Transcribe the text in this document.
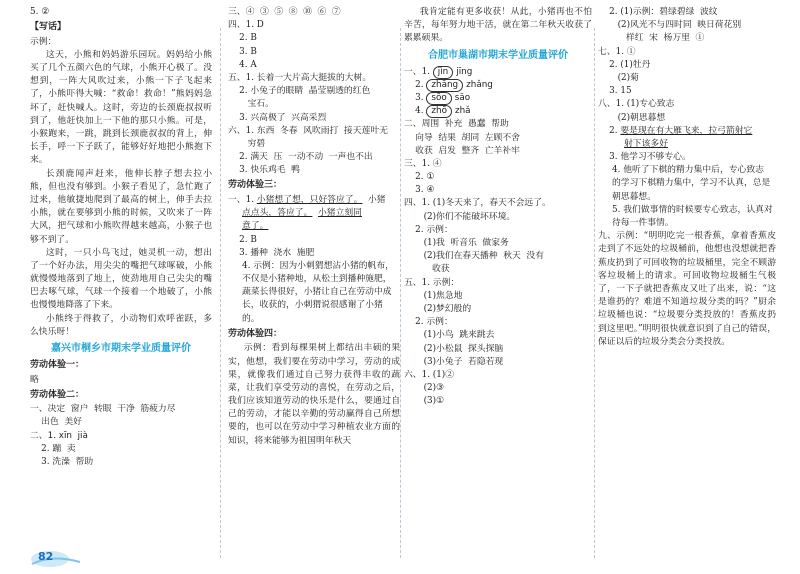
5. ②
【写话】
示例：
这天，小熊和妈妈游乐园玩。妈妈给小熊买了几个五颜六色的气球，小熊开心极了。没想到，一阵大风吹过来，小熊一下子飞起来了，小熊吓得大喊：“救命！救命！”熊妈妈急坏了，赶快喊人。这时，旁边的长颈鹿叔叔听到了，他赶快加上一下他的那只小熊。可是，小猴跑来，一跳，跳到长颈鹿叔叔的背上，伸长手，呼一下子跃了，能够好好地把小熊抱下来。
长颈鹿闻声赶来，他伸长脖子想去拉小熊，但也没有够到。小猴子看见了，急忙跑了过来，他敏捷地爬到了最高的树上，伸手去拉小熊，就在要够到小熊的时候，又吹来了一阵大风，把气球和小熊吹得越来越高，小猴子也够不到了。
这时，一只小鸟飞过，她灵机一动，想出了一个好办法，用尖尖的嘴把气球啄破，小熊就慢慢地落到了地上，使劲地用自己尖尖的嘴巴去啄气球，气球一个接着一个地破了，小熊也慢慢地降落了下来。
小熊终于得救了，小动物们欢呼雀跃，多么快乐呀！
嘉兴市桐乡市期末学业质量评价
劳动体验一：
略
劳动体验二：
一、决定  窗户  转眼  干净  筋疲力尽
出色  美好
二、1. xīn  jià
2. 蹦  卖
3. 洗澡  帮助
三、④  ③  ⑤  ⑧  ⑩  ⑥  ⑦
四、1. D
2. B
3. B
4. A
五、1. 长着一大片高大挺拔的大树。
2. 小兔子的眼睛  晶莹剔透的红色
宝石。
3. 兴高极了  兴高采烈
六、1. 东西  冬春  风吹雨打  接天莲叶无
穷碧
2. 满天  压  一动不动  一声也不出
3. 快乐鸡毛  鸭
劳动体验三：
一、1. 小猪想了想，只好答应了。  小猪
点点头，答应了。 小猪立刻同
意了。
2. B
3. 播种  浇水  施肥
4. 示例：因为小刺猬想沾小猪的帆布，不仅是小猪种地，从松土到播种施肥，蔬菜长得很好，小猪让自己在劳动中成长，收获的，小刺猬说很感谢了小猪的。
劳动体验四：
示例：看到每棵果树上都结出丰硕的果实，他想，我们要在劳动中学习，劳动的成果，就像我们通过自己努力获得丰收的蔬菜，让我们享受劳动的喜悦，在劳动之后，我们应该知道劳动的快乐是什么，要通过自己的劳动，才能以辛勤的劳动赢得自己所想要的，也可以在劳动中学习种植农业方面的知识，将来能够为祖国明年秋天
我肯定能有更多收获！从此，小猪再也不怕辛苦，每年努力地干活，就在第二年秋天收获了累累硕果。
合肥市巢湖市期末学业质量评价
一、1. jìn jīng
2. zhāng zhǎng
3. sōo sāo
4. zhō zhǎ
二、周围  补充  愚蠢  帮助
向导  结果  胡同  左顾不舍
收获  启发  整齐  亡羊补牢
三、1. ④
2. ①
3. ④
四、1. (1)冬天来了，春天不会远了。
(2)你们不能破坏环境。
2. 示例：
(1)我  听音乐  做家务
(2)我们在春天播种  秋天  没有
收获
五、1. 示例：
(1)焦急地
(2)梦幻般的
2. 示例：
(1)小鸟  跳来跳去
(2)小松鼠  探头探脑
(3)小兔子  若隐若现
六、1. (1)②
(2)③
(3)①
2. (1)示例：碧绿碧绿  波纹
(2)风光不与四时同  映日荷花别
样红  宋  杨万里  ①
七、1. ①
2. (1)牡丹
(2)菊
3. 15
八、1. (1)专心致志
(2)朝思暮想
2. 要是现在有大雁飞来，拉弓箭射它
射下该多好
3. 他学习不够专心。
4. 他听了下棋的精力集中后，专心致志
的学习下棋精力集中，学习不认真，总是朝思暮想。
5. 我们做事情的时候要专心致志，认真对待每一件事情。
九、示例：“明明吃完一根香蕉，拿着香蕉皮走到了不远处的垃圾桶前，他想也没想就把香蕉皮扔到了可回收物的垃圾桶里，完全不顾游客垃圾桶上的请求。可回收物垃圾桶生气极了，一下子就把香蕉皮又吐了出来，说：“这是谁扔的？难道不知道垃圾分类的吗？”厨余垃圾桶也说：“垃圾要分类投放的！香蕉皮扔到这里吧。”明明很快就意识到了自己的错误，保证以后的垃圾分类会分类投放。
82
